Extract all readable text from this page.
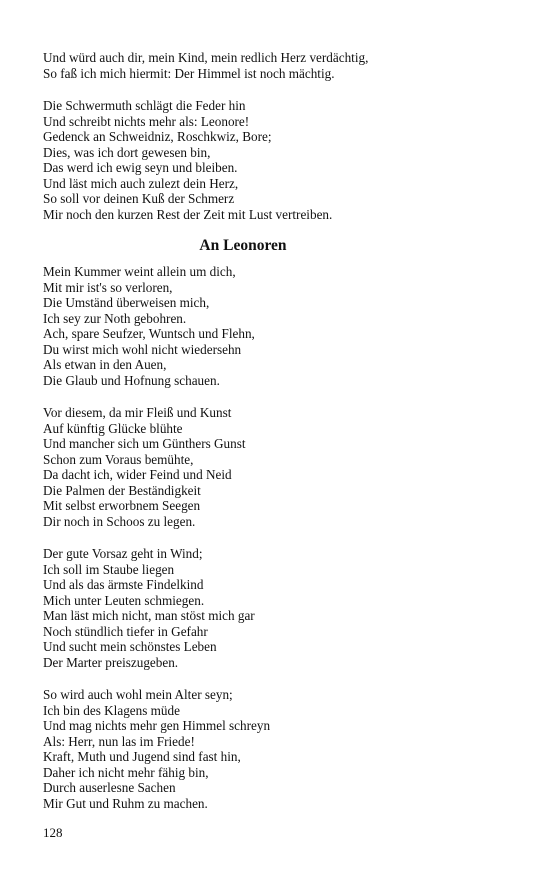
Und würd auch dir, mein Kind, mein redlich Herz verdächtig,
So faß ich mich hiermit: Der Himmel ist noch mächtig.
Die Schwermuth schlägt die Feder hin
Und schreibt nichts mehr als: Leonore!
Gedenck an Schweidniz, Roschkwiz, Bore;
Dies, was ich dort gewesen bin,
Das werd ich ewig seyn und bleiben.
Und läst mich auch zulezt dein Herz,
So soll vor deinen Kuß der Schmerz
Mir noch den kurzen Rest der Zeit mit Lust vertreiben.
An Leonoren
Mein Kummer weint allein um dich,
Mit mir ist's so verloren,
Die Umständ überweisen mich,
Ich sey zur Noth gebohren.
Ach, spare Seufzer, Wuntsch und Flehn,
Du wirst mich wohl nicht wiedersehn
Als etwan in den Auen,
Die Glaub und Hofnung schauen.
Vor diesem, da mir Fleiß und Kunst
Auf künftig Glücke blühte
Und mancher sich um Günthers Gunst
Schon zum Voraus bemühte,
Da dacht ich, wider Feind und Neid
Die Palmen der Beständigkeit
Mit selbst erworbnem Seegen
Dir noch in Schoos zu legen.
Der gute Vorsaz geht in Wind;
Ich soll im Staube liegen
Und als das ärmste Findelkind
Mich unter Leuten schmiegen.
Man läst mich nicht, man stöst mich gar
Noch stündlich tiefer in Gefahr
Und sucht mein schönstes Leben
Der Marter preiszugeben.
So wird auch wohl mein Alter seyn;
Ich bin des Klagens müde
Und mag nichts mehr gen Himmel schreyn
Als: Herr, nun las im Friede!
Kraft, Muth und Jugend sind fast hin,
Daher ich nicht mehr fähig bin,
Durch auserlesne Sachen
Mir Gut und Ruhm zu machen.
128
